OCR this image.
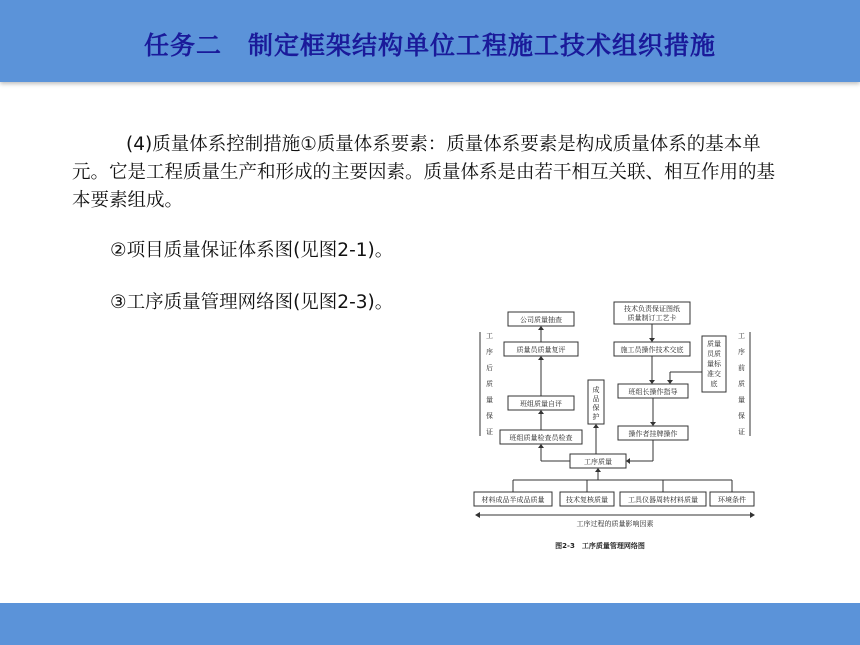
任务二　制定框架结构单位工程施工技术组织措施
(4)质量体系控制措施①质量体系要素：质量体系要素是构成质量体系的基本单元。它是工程质量生产和形成的主要因素。质量体系是由若干相互关联、相互作用的基本要素组成。
②项目质量保证体系图(见图2-1)。
③工序质量管理网络图(见图2-3)。
工
序
后
质
量
保
证
工
序
前
质
量
保
证
公司质量抽查
质量员质量复评
班组质量自评
班组质量检查员检查
技术负责保证图纸
质量制订工艺卡
施工员操作技术交底
质量
员质
量标
准交
底
班组长操作指导
操作者挂牌操作
成
品
保
护
工序质量
材料成品半成品质量	技术复核质量	工具仪器周转材料质量	环境条件
工序过程的质量影响因素
图2-3　工序质量管理网络图
